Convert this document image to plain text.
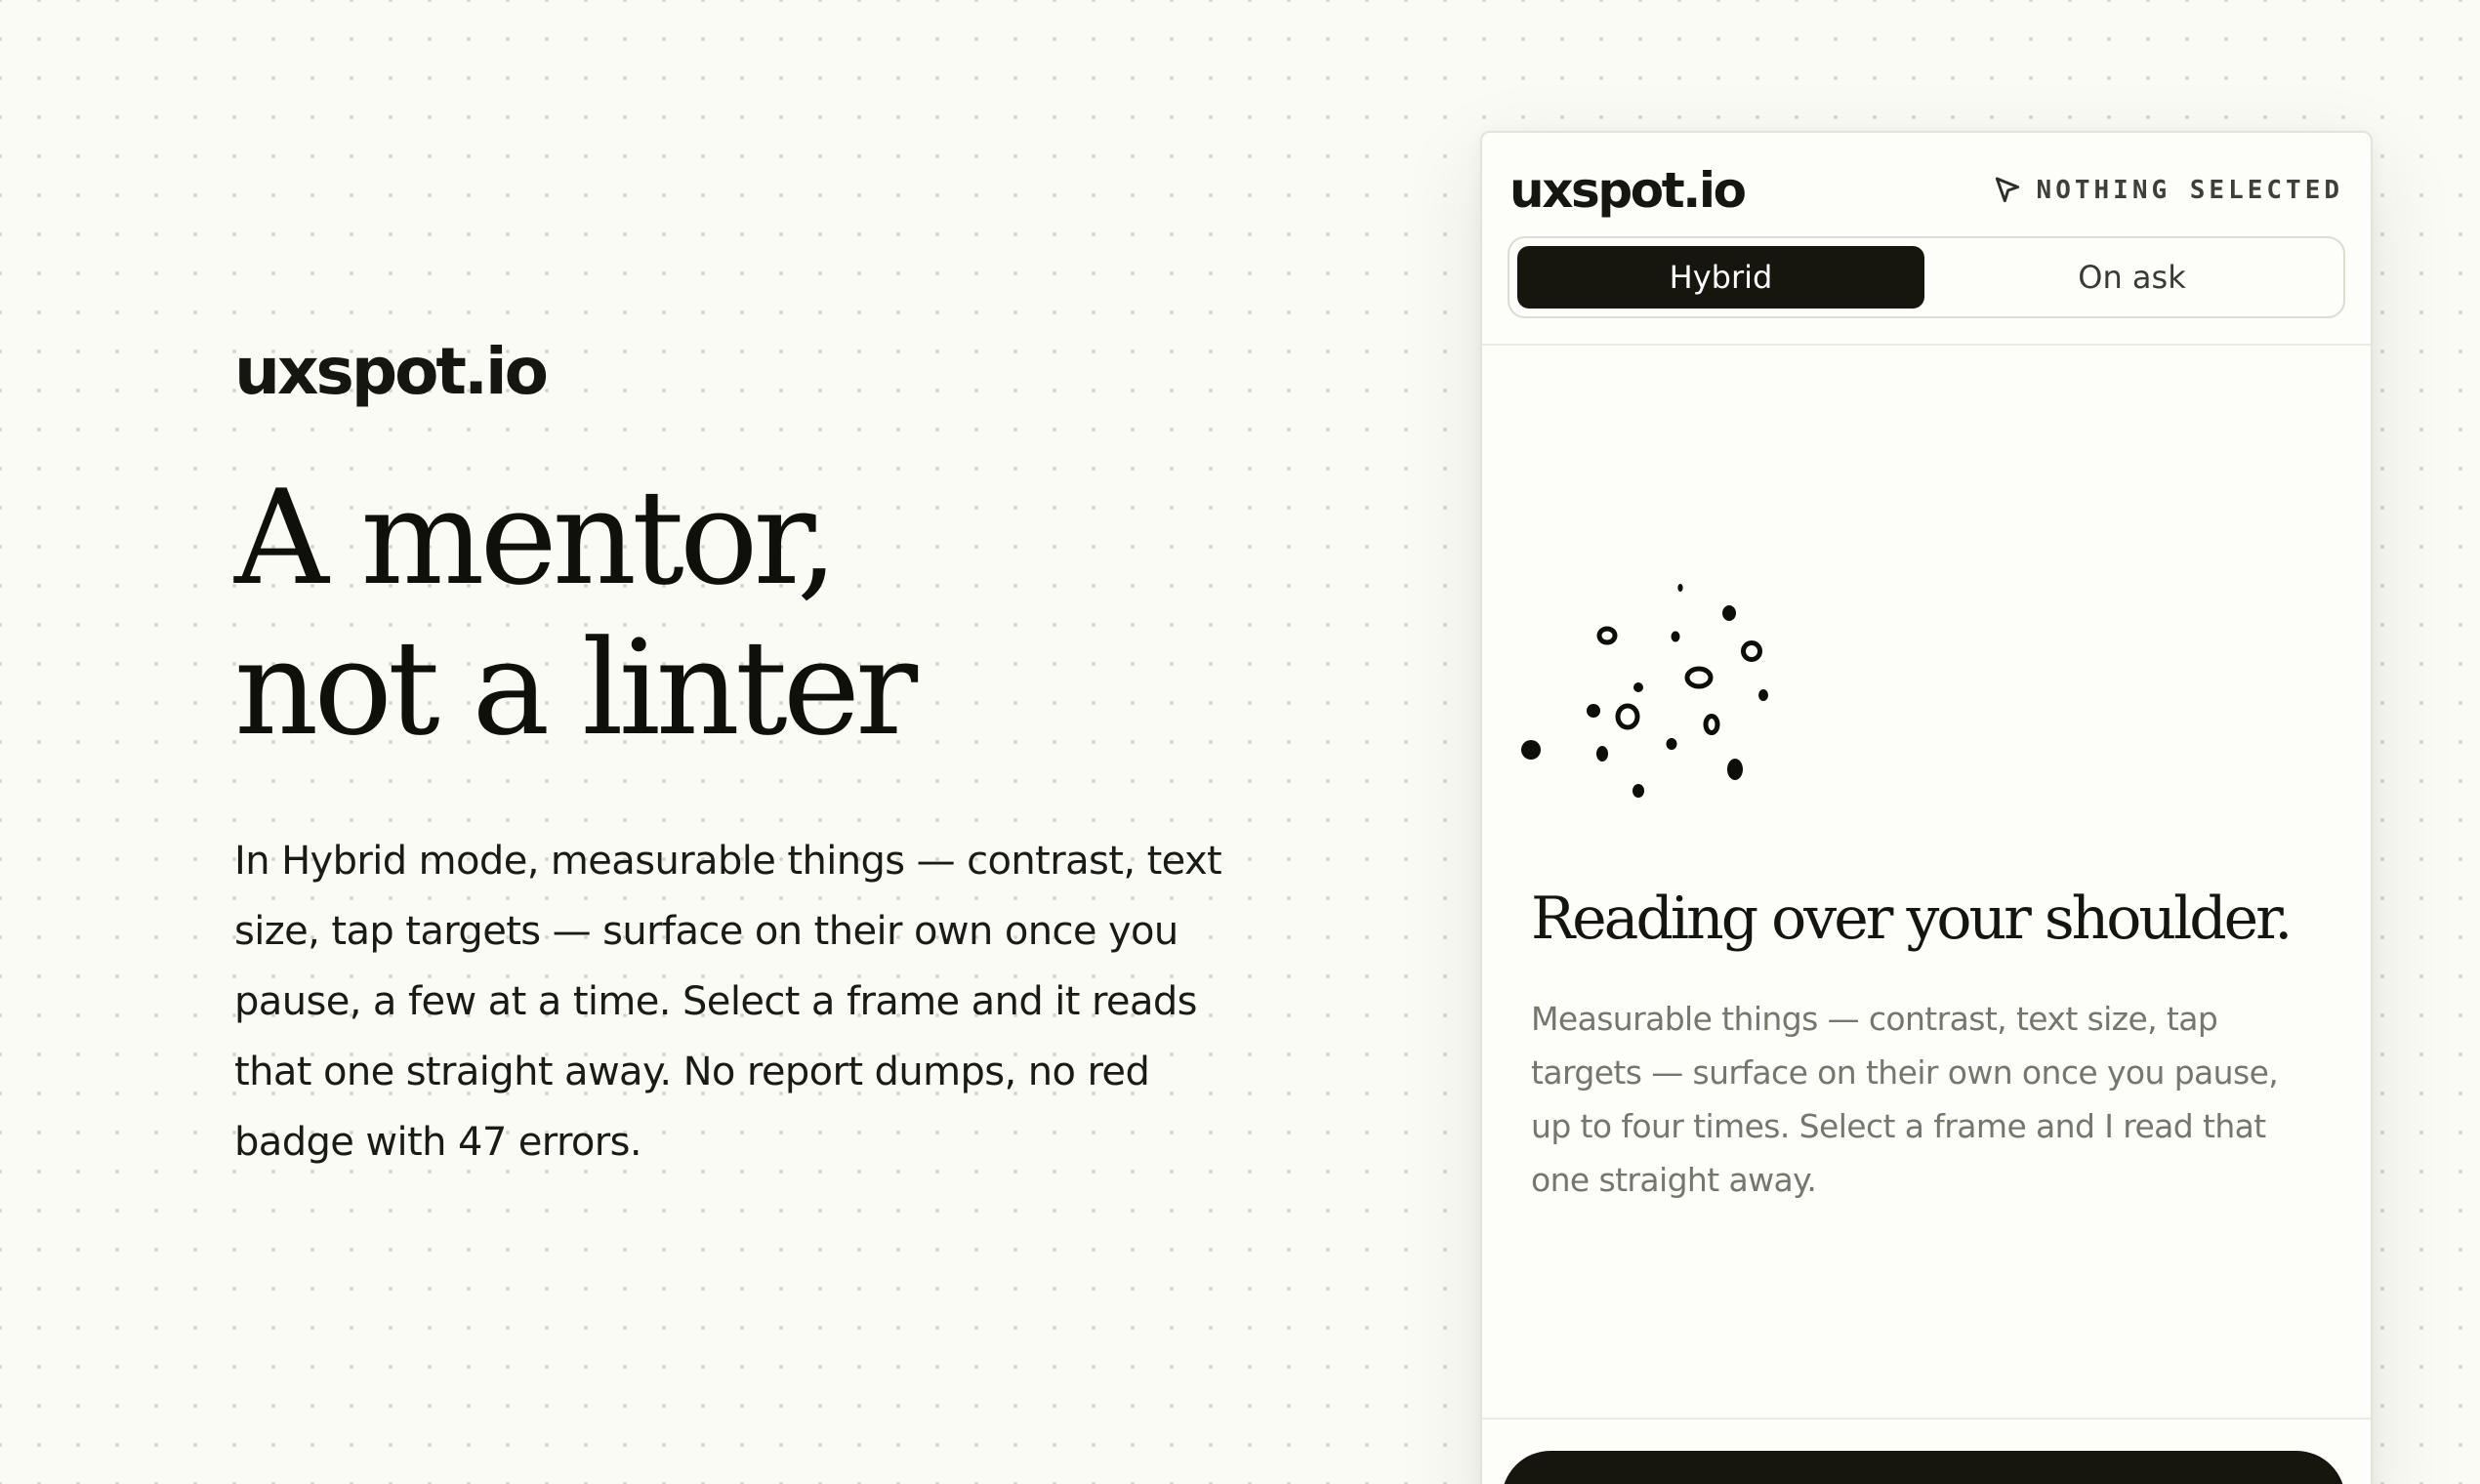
uxspot.io
A mentor,
not a linter

In Hybrid mode, measurable things — contrast, text size, tap targets — surface on their own once you pause, a few at a time. Select a frame and it reads that one straight away. No report dumps, no red badge with 47 errors.

uxspot.io	NOTHING SELECTED
Hybrid	On ask
Reading over your shoulder.

Measurable things — contrast, text size, tap targets — surface on their own once you pause, up to four times. Select a frame and I read that one straight away.
